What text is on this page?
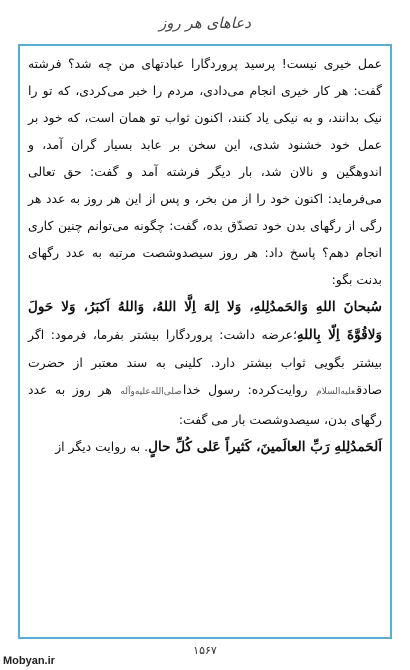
دعاهای هر روز

عمل خیری نیست! پرسید پروردگارا عبادتهای من چه شد؟ فرشته گفت: هر کار خیری انجام می‌دادی، مردم را خبر می‌کردی، که تو را نیک بدانند، و به نیکی یاد کنند، اکنون ثواب تو همان است، که خود بر عمل خود خشنود شدی، این سخن بر عابد بسیار گران آمد، و اندوهگین و نالان شد، بار دیگر فرشته آمد و گفت: حق تعالی می‌فرماید: اکنون خود را از من بخر، و پس از این هر روز به عدد هر رگی از رگهای بدن خود تصدّق بده، گفت: چگونه می‌توانم چنین کاری انجام دهم؟ پاسخ داد: هر روز سیصدوشصت مرتبه به عدد رگهای بدنت بگو:

سُبحانَ اللهِ وَالحَمدُلِلهِ، وَلا اِلهَ اِلَّا اللهُ، وَاللهُ اَکبَرُ، وَلا حَولَ وَلاقُوَّةَ اِلّا بِاللهِ؛عرضه داشت: پروردگارا بیشتر بفرما، فرمود: اگر بیشتر بگویی ثواب بیشتر دارد. کلینی به سند معتبر از حضرت صادقعلیه‌السلام روایت‌کرده: رسول خداصلی‌الله‌علیه‌وآله هر روز به عدد رگهای بدن، سیصدوشصت بار می گفت:

اَلحَمدُلِلهِ رَبِّ العالَمینَ، کَثیراً عَلی کُلِّ حالٍ. به روایت دیگر از

۱۵۶۷
Mobyan.ir
